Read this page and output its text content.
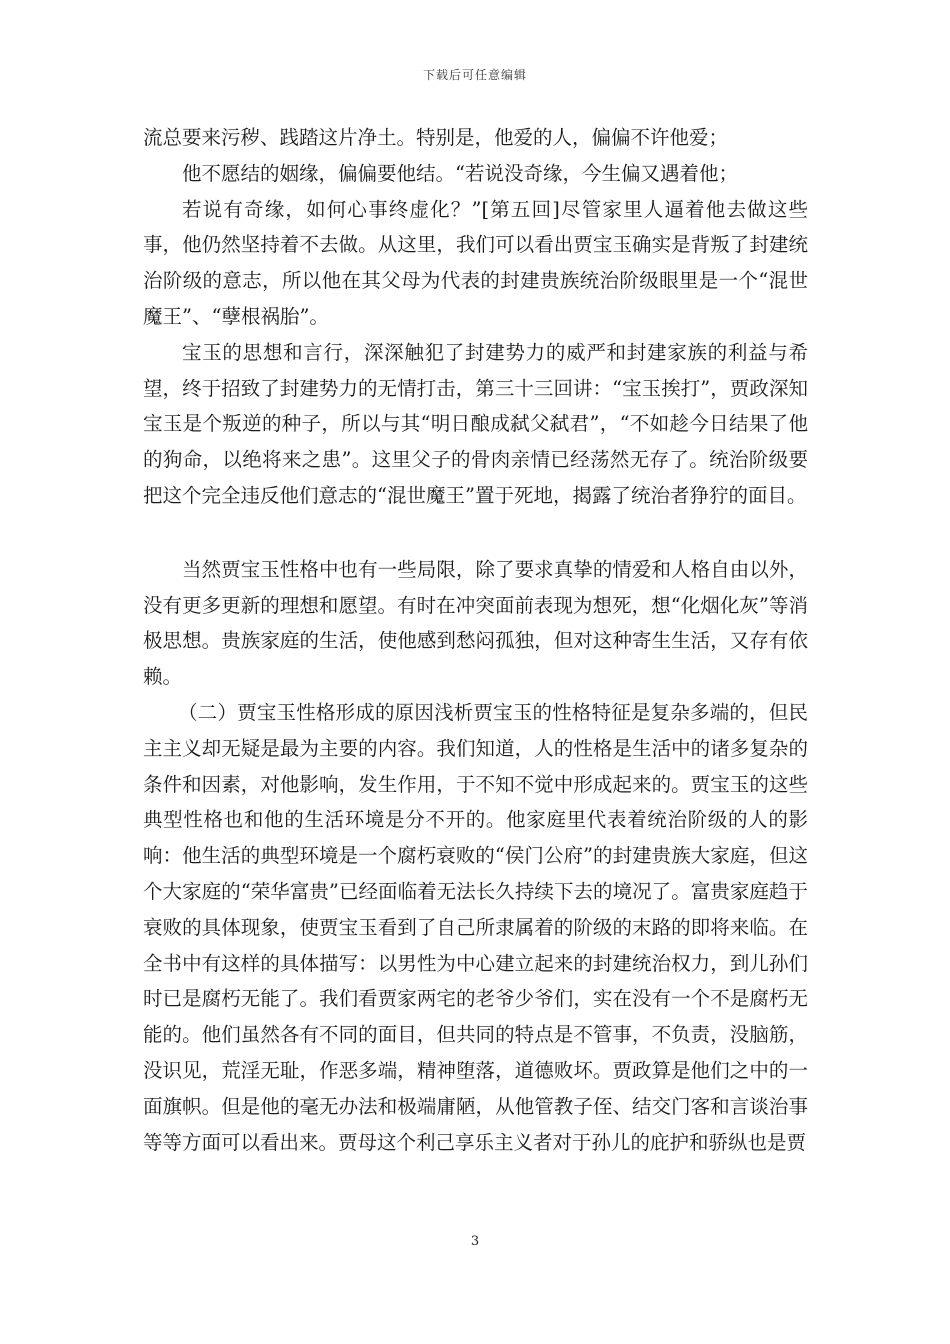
下载后可任意编辑

流总要来污秽、践踏这片净土。特别是，他爱的人，偏偏不许他爱；

他不愿结的姻缘，偏偏要他结。“若说没奇缘，今生偏又遇着他；

若说有奇缘，如何心事终虚化？”[第五回]尽管家里人逼着他去做这些事，他仍然坚持着不去做。从这里，我们可以看出贾宝玉确实是背叛了封建统治阶级的意志，所以他在其父母为代表的封建贵族统治阶级眼里是一个“混世魔王”、“孽根祸胎”。

宝玉的思想和言行，深深触犯了封建势力的威严和封建家族的利益与希望，终于招致了封建势力的无情打击，第三十三回讲：“宝玉挨打”，贾政深知宝玉是个叛逆的种子，所以与其“明日酿成弑父弑君”，“不如趁今日结果了他的狗命，以绝将来之患”。这里父子的骨肉亲情已经荡然无存了。统治阶级要把这个完全违反他们意志的“混世魔王”置于死地，揭露了统治者狰狞的面目。

当然贾宝玉性格中也有一些局限，除了要求真挚的情爱和人格自由以外，没有更多更新的理想和愿望。有时在冲突面前表现为想死，想“化烟化灰”等消极思想。贵族家庭的生活，使他感到愁闷孤独，但对这种寄生生活，又存有依赖。

（二）贾宝玉性格形成的原因浅析贾宝玉的性格特征是复杂多端的，但民主主义却无疑是最为主要的内容。我们知道，人的性格是生活中的诸多复杂的条件和因素，对他影响，发生作用，于不知不觉中形成起来的。贾宝玉的这些典型性格也和他的生活环境是分不开的。他家庭里代表着统治阶级的人的影响：他生活的典型环境是一个腐朽衰败的“侯门公府”的封建贵族大家庭，但这个大家庭的“荣华富贵”已经面临着无法长久持续下去的境况了。富贵家庭趋于衰败的具体现象，使贾宝玉看到了自己所隶属着的阶级的末路的即将来临。在全书中有这样的具体描写：以男性为中心建立起来的封建统治权力，到儿孙们时已是腐朽无能了。我们看贾家两宅的老爷少爷们，实在没有一个不是腐朽无能的。他们虽然各有不同的面目，但共同的特点是不管事，不负责，没脑筋，没识见，荒淫无耻，作恶多端，精神堕落，道德败坏。贾政算是他们之中的一面旗帜。但是他的毫无办法和极端庸陋，从他管教子侄、结交门客和言谈治事等等方面可以看出来。贾母这个利己享乐主义者对于孙儿的庇护和骄纵也是贾

3
